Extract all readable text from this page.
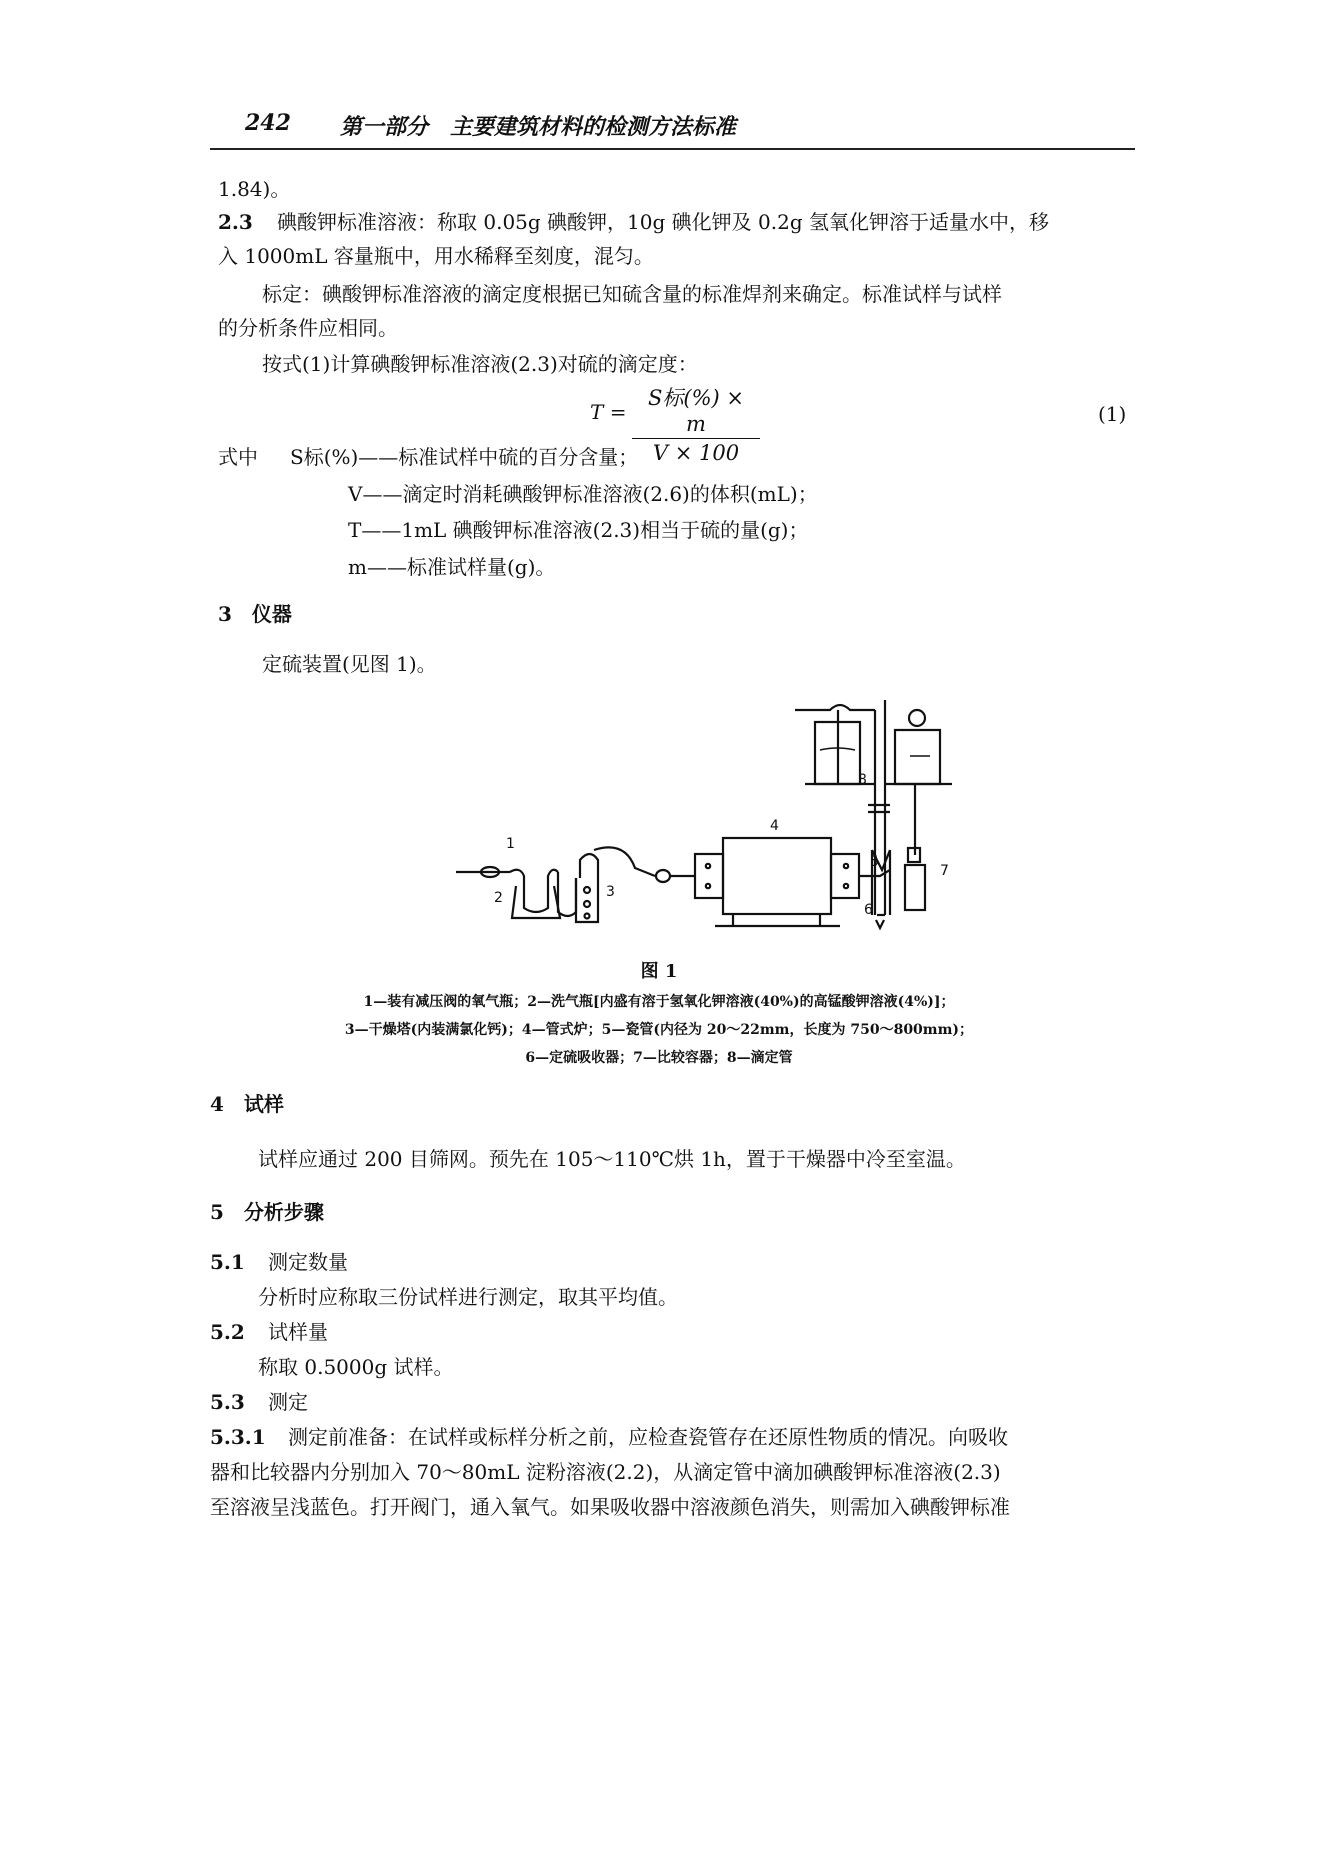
242 第一部分　主要建筑材料的检测方法标准
1.84)。
2.3 碘酸钾标准溶液：称取 0.05g 碘酸钾，10g 碘化钾及 0.2g 氢氧化钾溶于适量水中，移
入 1000mL 容量瓶中，用水稀释至刻度，混匀。
标定：碘酸钾标准溶液的滴定度根据已知硫含量的标准焊剂来确定。标准试样与试样
的分析条件应相同。
按式(1)计算碘酸钾标准溶液(2.3)对硫的滴定度：
T =
S标(%) × m
V × 100
(1)
式中 S标(%)——标准试样中硫的百分含量；
V——滴定时消耗碘酸钾标准溶液(2.6)的体积(mL)；
T——1mL 碘酸钾标准溶液(2.3)相当于硫的量(g)；
m——标准试样量(g)。
3　仪器
定硫装置(见图 1)。
1
2	3
4
5
8
6
7
图 1
1—装有减压阀的氧气瓶；2—洗气瓶[内盛有溶于氢氧化钾溶液(40%)的高锰酸钾溶液(4%)]；
3—干燥塔(内装满氯化钙)；4—管式炉；5—瓷管(内径为 20～22mm，长度为 750～800mm)；
6—定硫吸收器；7—比较容器；8—滴定管
4　试样
试样应通过 200 目筛网。预先在 105～110℃烘 1h，置于干燥器中冷至室温。
5　分析步骤
5.1 测定数量
分析时应称取三份试样进行测定，取其平均值。
5.2 试样量
称取 0.5000g 试样。
5.3 测定
5.3.1 测定前准备：在试样或标样分析之前，应检查瓷管存在还原性物质的情况。向吸收
器和比较器内分别加入 70～80mL 淀粉溶液(2.2)，从滴定管中滴加碘酸钾标准溶液(2.3)
至溶液呈浅蓝色。打开阀门，通入氧气。如果吸收器中溶液颜色消失，则需加入碘酸钾标准
